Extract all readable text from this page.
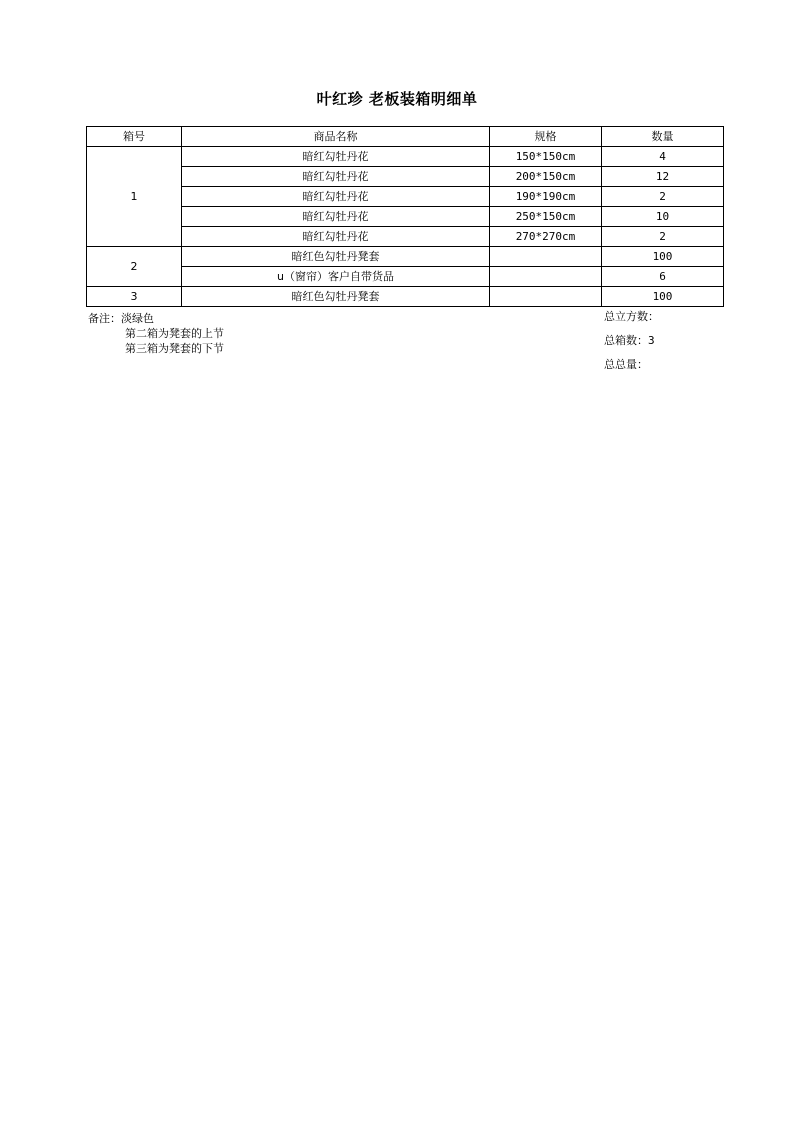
叶红珍 老板装箱明细单
箱号	商品名称	规格	数量
1	暗红勾牡丹花	150*150cm	4
	暗红勾牡丹花	200*150cm	12
	暗红勾牡丹花	190*190cm	2
	暗红勾牡丹花	250*150cm	10
	暗红勾牡丹花	270*270cm	2
2	暗红色勾牡丹凳套		100
	u（窗帘）客户自带货品		6
3	暗红色勾牡丹凳套		100
备注：淡绿色
第二箱为凳套的上节
第三箱为凳套的下节
总立方数：
总箱数：3
总总量：
